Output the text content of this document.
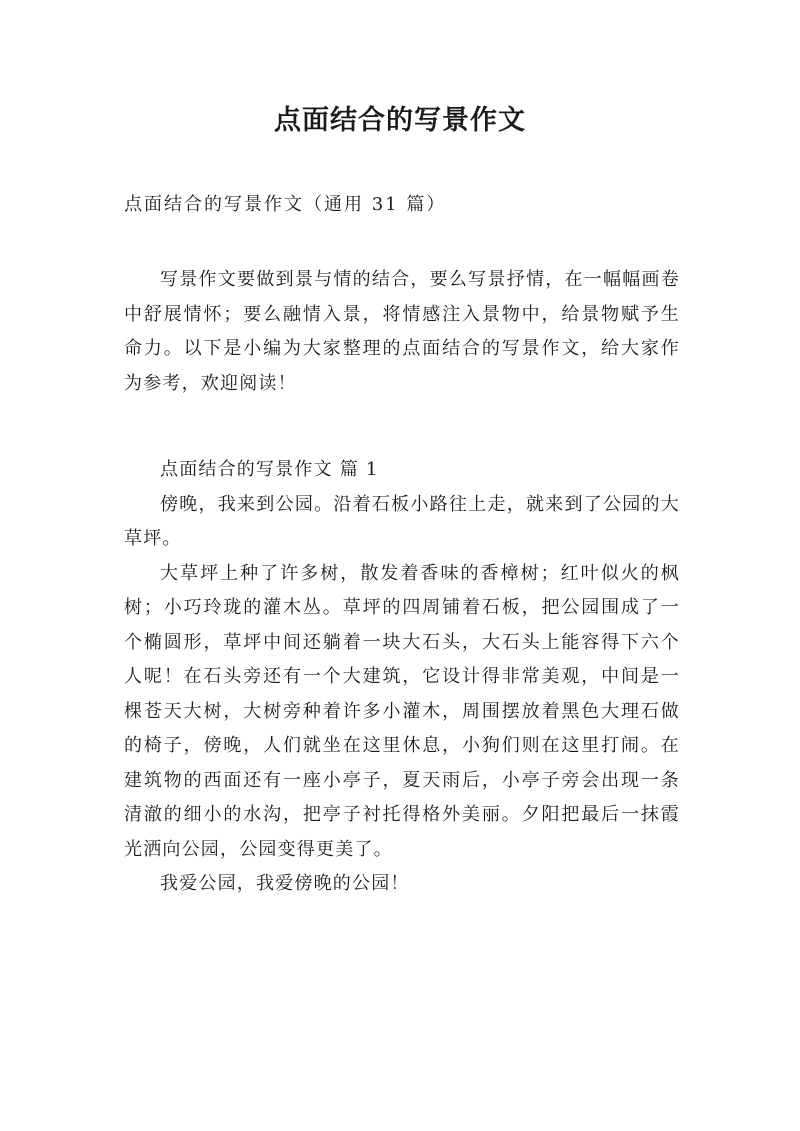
点面结合的写景作文
点面结合的写景作文（通用 31 篇）

写景作文要做到景与情的结合，要么写景抒情，在一幅幅画卷中舒展情怀；要么融情入景，将情感注入景物中，给景物赋予生命力。以下是小编为大家整理的点面结合的写景作文，给大家作为参考，欢迎阅读！

点面结合的写景作文 篇 1

傍晚，我来到公园。沿着石板小路往上走，就来到了公园的大草坪。

大草坪上种了许多树，散发着香味的香樟树；红叶似火的枫树；小巧玲珑的灌木丛。草坪的四周铺着石板，把公园围成了一个椭圆形，草坪中间还躺着一块大石头，大石头上能容得下六个人呢！在石头旁还有一个大建筑，它设计得非常美观，中间是一棵苍天大树，大树旁种着许多小灌木，周围摆放着黑色大理石做的椅子，傍晚，人们就坐在这里休息，小狗们则在这里打闹。在建筑物的西面还有一座小亭子，夏天雨后，小亭子旁会出现一条清澈的细小的水沟，把亭子衬托得格外美丽。夕阳把最后一抹霞光洒向公园，公园变得更美了。

我爱公园，我爱傍晚的公园！
